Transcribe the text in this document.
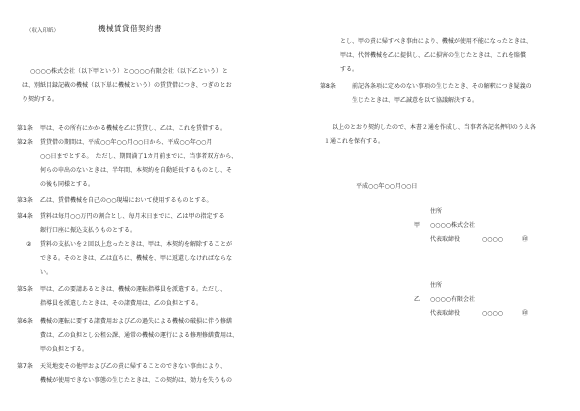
（収入印紙）	機械賃貸借契約書
○○○○株式会社（以下甲という）と○○○○有限会社（以下乙という）と
は、別紙目録記載の機械（以下単に機械という）の賃貸借につき、つぎのとお
り契約する。
第1条 甲は、その所有にかかる機械を乙に賃貸し、乙は、これを賃借する。
第2条 賃貸借の期間は、平成○○年○○月○○日から、平成○○年○○月
○○日までとする。　ただし、期間満了1カ月前までに、当事者双方から、
何らの申出のないときは、半年間、本契約を自動延長するものとし、そ
の後も同様とする。
第3条 乙は、賃借機械を自己の○○現場において使用するものとする。
第4条 賃料は毎月○○万円の割合とし、毎月末日までに、乙は甲の指定する
銀行口座に振込支払うものとする。
② 賃料の支払いを２回以上怠ったときは、甲は、本契約を解除することが
できる。そのときは、乙は直ちに、機械を、甲に返還しなければならな
い。
第5条 甲は、乙の要請あるときは、機械の運転指導員を派遣する。ただし、
指導員を派遣したときは、その諸費用は、乙の負担とする。
第6条 機械の運転に要する諸費用および乙の過失による機械の破損に伴う修繕
費は、乙の負担とし公租公課、通常の機械の運行による修理修繕費用は、
甲の負担とする。
第7条 天災地変その他甲および乙の責に帰することのできない事由により、
機械が使用できない事態の生じたときは、この契約は、効力を失うもの
とし、甲の責に帰すべき事由により、機械が使用不能になったときは、
甲は、代替機械を乙に提供し、乙に損害の生じたときは、これを賠償
する。
第8条	前記各条項に定めのない事項の生じたとき、その解釈につき疑義の
生じたときは、甲乙誠意を以て協議解決する。
以上のとおり契約したので、本書２通を作成し、当事者各記名押印のうえ各
１通これを保有する。
平成○○年○○月○○日
住所
甲 ○○○○株式会社
代表取締役	○○○○	㊞
住所
乙 ○○○○有限会社
代表取締役	○○○○	㊞
